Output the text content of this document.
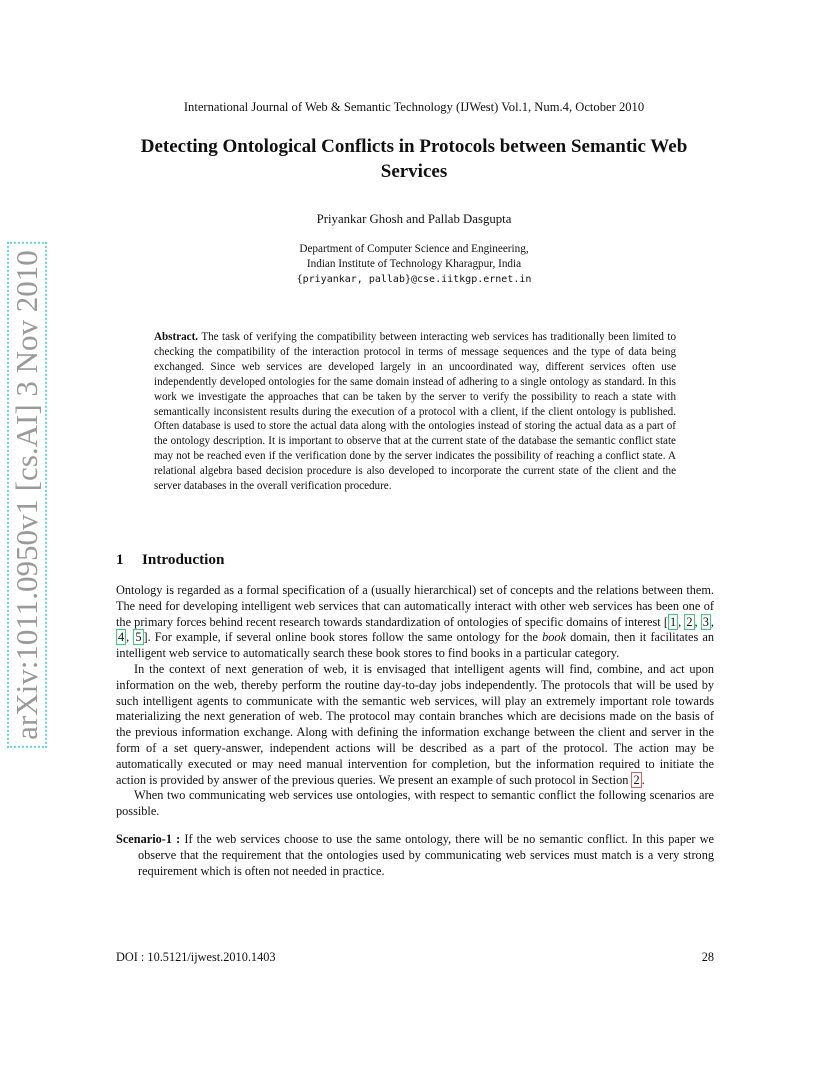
arXiv:1011.0950v1 [cs.AI] 3 Nov 2010
International Journal of Web & Semantic Technology (IJWest) Vol.1, Num.4, October 2010
Detecting Ontological Conflicts in Protocols between Semantic Web Services
Priyankar Ghosh and Pallab Dasgupta
Department of Computer Science and Engineering,
Indian Institute of Technology Kharagpur, India
{priyankar, pallab}@cse.iitkgp.ernet.in
Abstract. The task of verifying the compatibility between interacting web services has traditionally been limited to checking the compatibility of the interaction protocol in terms of message sequences and the type of data being exchanged. Since web services are developed largely in an uncoordinated way, different services often use independently developed ontologies for the same domain instead of adhering to a single ontology as standard. In this work we investigate the approaches that can be taken by the server to verify the possibility to reach a state with semantically inconsistent results during the execution of a protocol with a client, if the client ontology is published. Often database is used to store the actual data along with the ontologies instead of storing the actual data as a part of the ontology description. It is important to observe that at the current state of the database the semantic conflict state may not be reached even if the verification done by the server indicates the possibility of reaching a conflict state. A relational algebra based decision procedure is also developed to incorporate the current state of the client and the server databases in the overall verification procedure.
1 Introduction

Ontology is regarded as a formal specification of a (usually hierarchical) set of concepts and the relations between them. The need for developing intelligent web services that can automatically interact with other web services has been one of the primary forces behind recent research towards standardization of ontologies of specific domains of interest [ 1 , 2 , 3 , 4 , 5 ]. For example, if several online book stores follow the same ontology for the book domain, then it facilitates an intelligent web service to automatically search these book stores to find books in a particular category.

In the context of next generation of web, it is envisaged that intelligent agents will find, combine, and act upon information on the web, thereby perform the routine day-to-day jobs independently. The protocols that will be used by such intelligent agents to communicate with the semantic web services, will play an extremely important role towards materializing the next generation of web. The protocol may contain branches which are decisions made on the basis of the previous information exchange. Along with defining the information exchange between the client and server in the form of a set query-answer, independent actions will be described as a part of the protocol. The action may be automatically executed or may need manual intervention for completion, but the information required to initiate the action is provided by answer of the previous queries. We present an example of such protocol in Section 2 .

When two communicating web services use ontologies, with respect to semantic conflict the following scenarios are possible.

Scenario-1 : If the web services choose to use the same ontology, there will be no semantic conflict. In this paper we observe that the requirement that the ontologies used by communicating web services must match is a very strong requirement which is often not needed in practice.

DOI : 10.5121/ijwest.2010.1403	28
